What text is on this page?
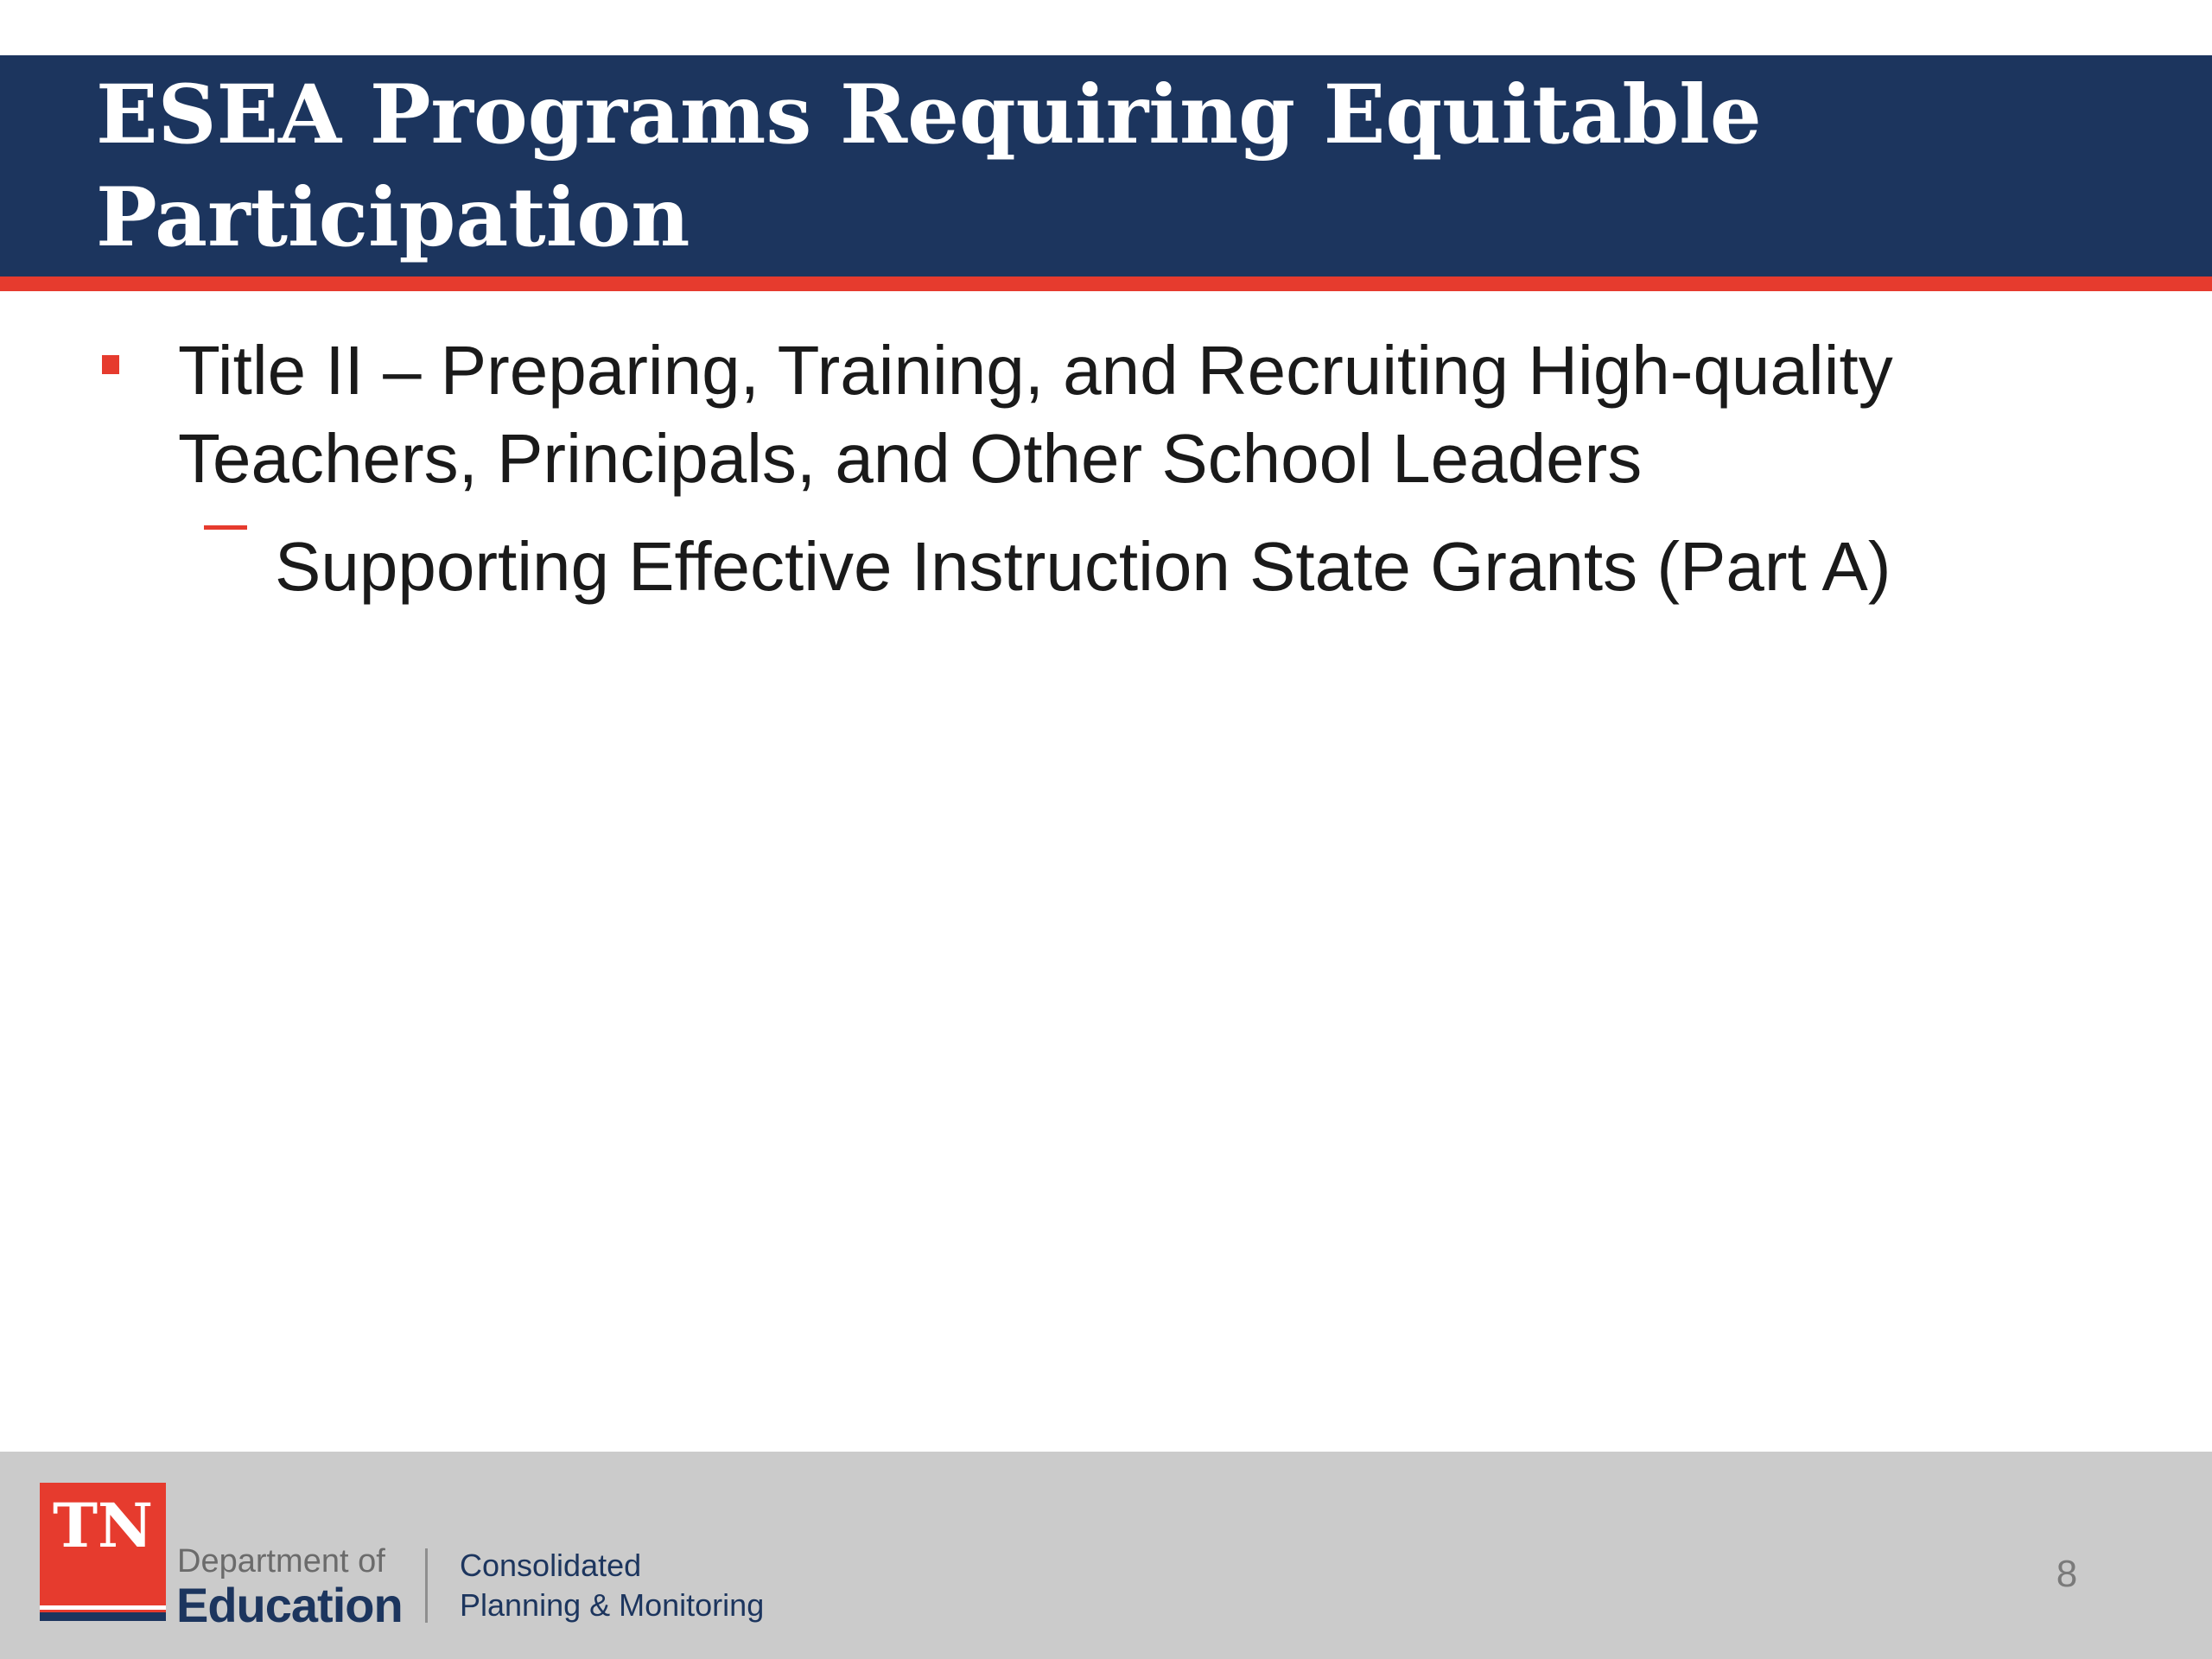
ESEA Programs Requiring Equitable
Participation

Title II – Preparing, Training, and Recruiting High-quality Teachers, Principals, and Other School Leaders

Supporting Effective Instruction State Grants (Part A)

TN Department of
Education
Consolidated
Planning & Monitoring
8
